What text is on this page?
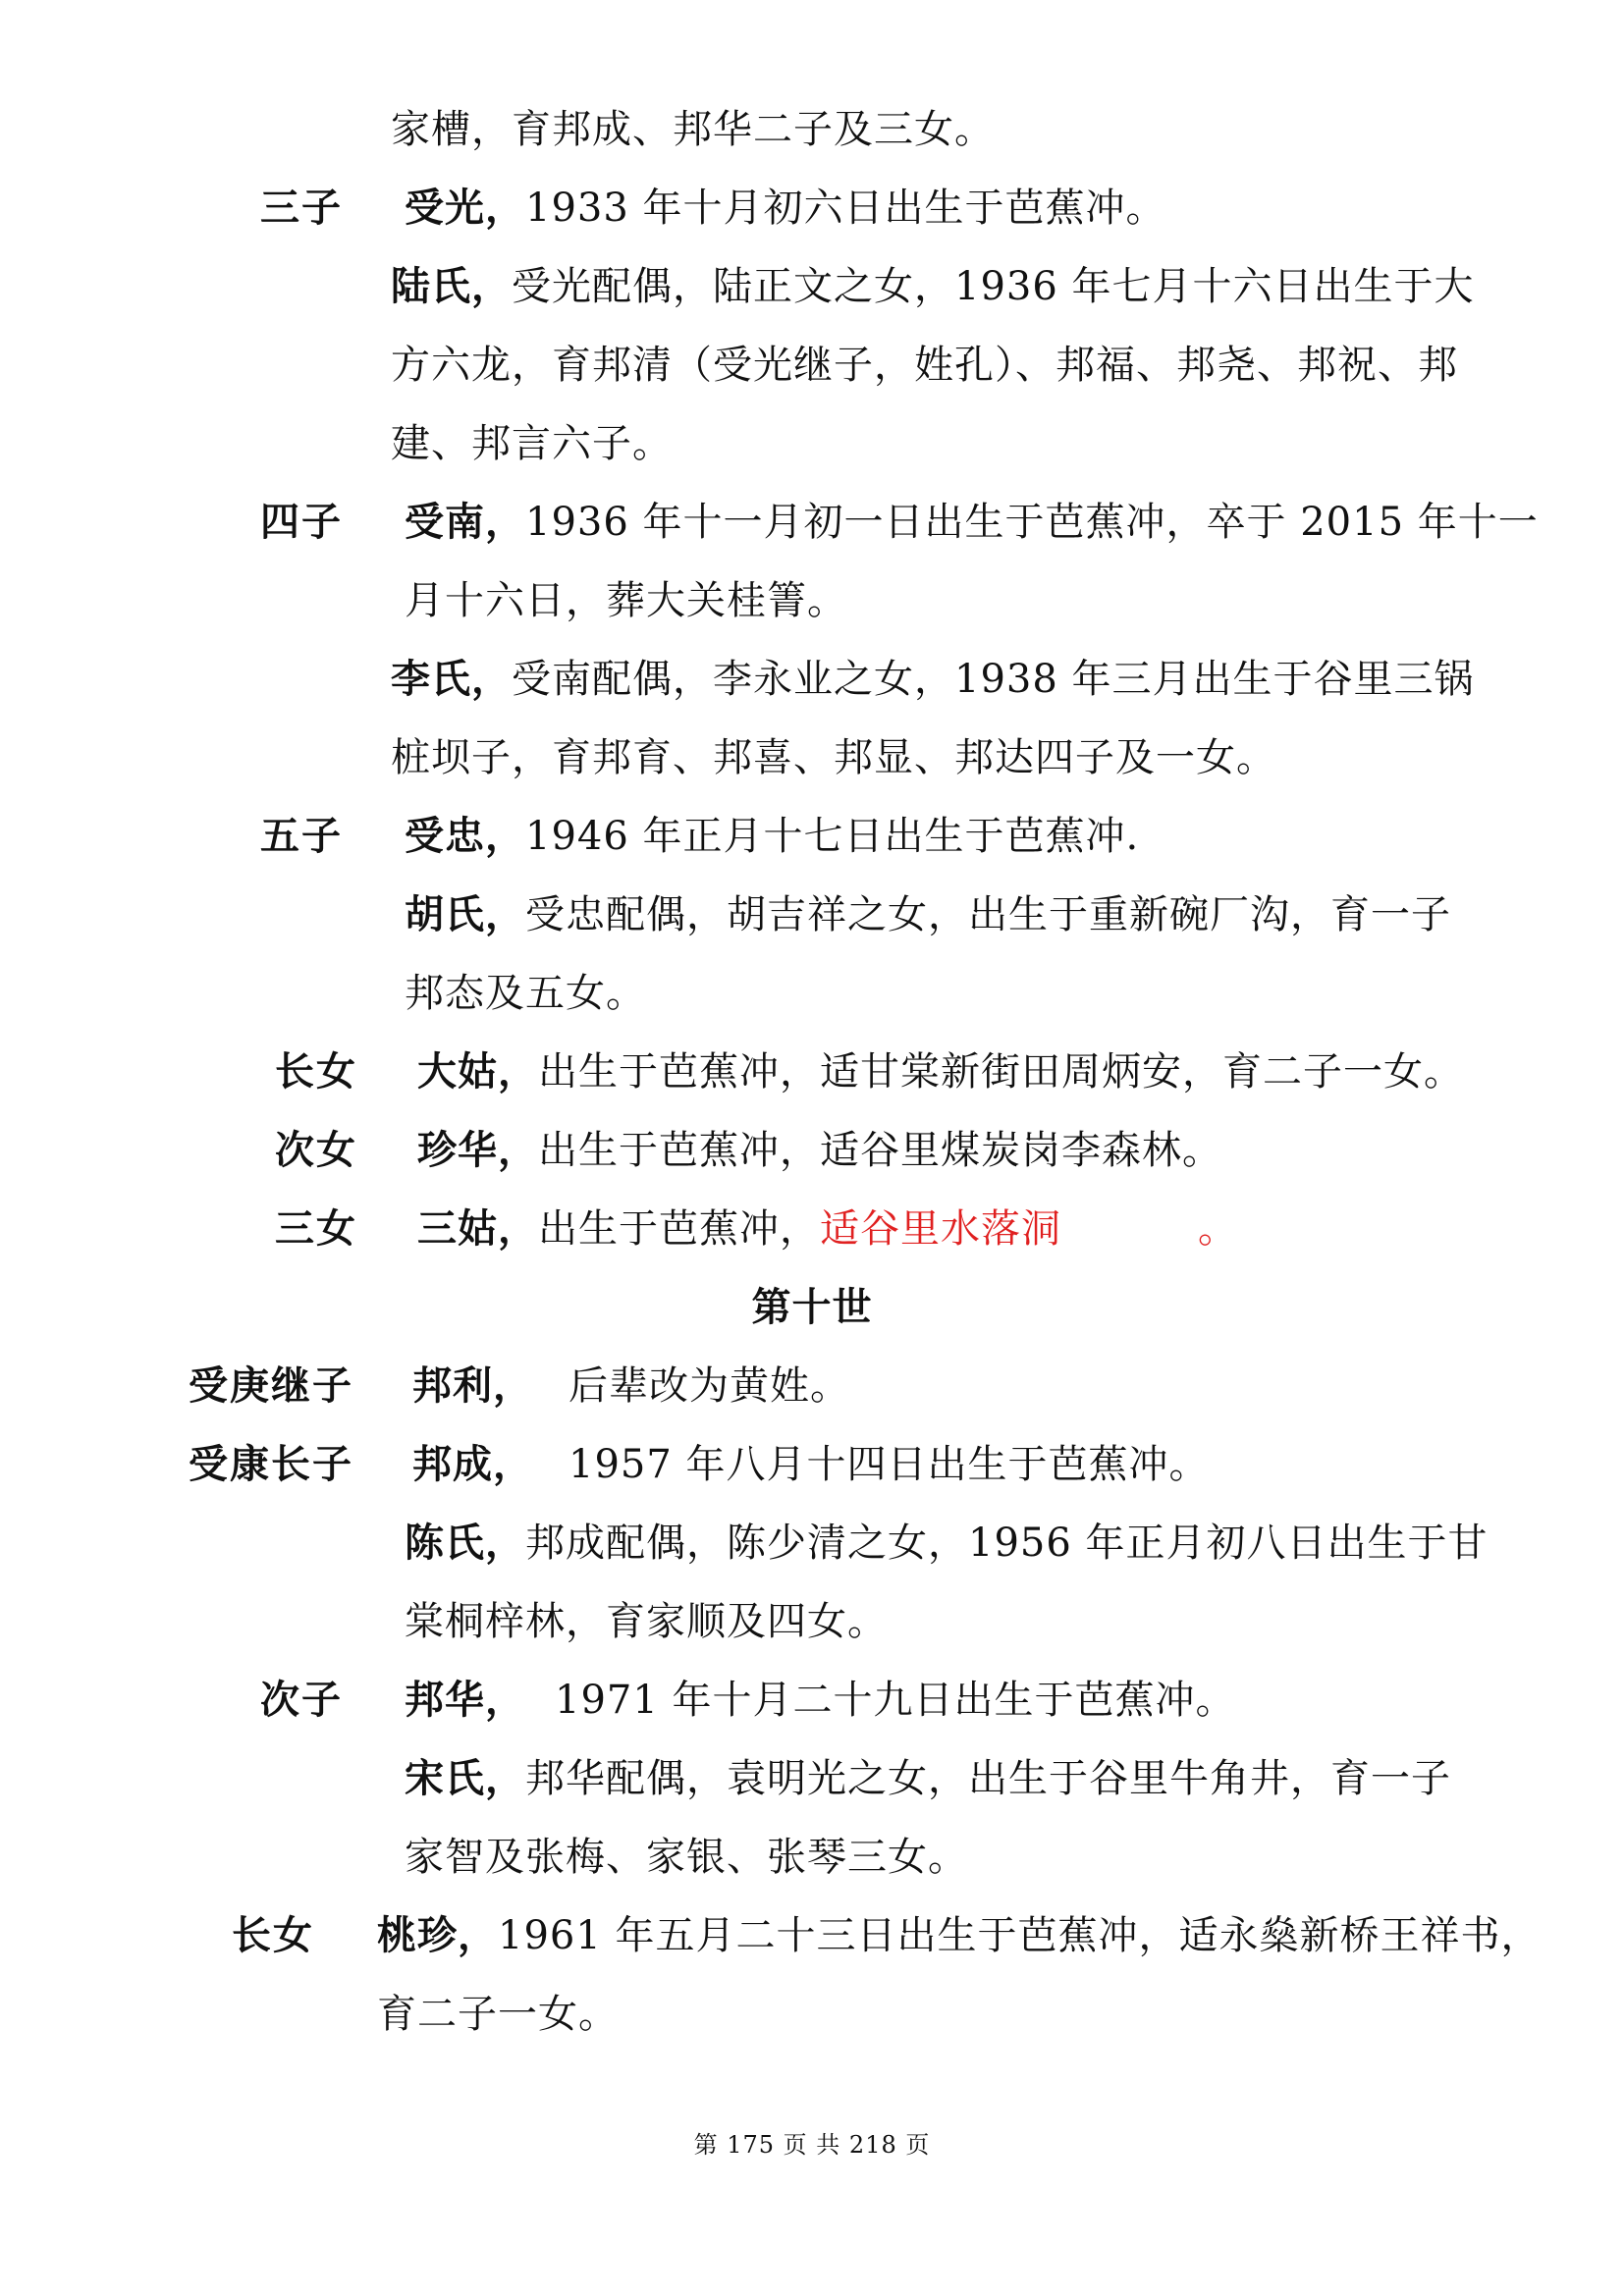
家槽，育邦成、邦华二子及三女。
三子 受光，1933 年十月初六日出生于芭蕉冲。
陆氏，受光配偶，陆正文之女，1936 年七月十六日出生于大
方六龙，育邦清（受光继子，姓孔）、邦福、邦尧、邦祝、邦
建、邦言六子。
四子 受南，1936 年十一月初一日出生于芭蕉冲，卒于 2015 年十一
月十六日，葬大关桂箐。
李氏，受南配偶，李永业之女，1938 年三月出生于谷里三锅
桩坝子，育邦育、邦喜、邦显、邦达四子及一女。
五子 受忠，1946 年正月十七日出生于芭蕉冲.
胡氏，受忠配偶，胡吉祥之女，出生于重新碗厂沟，育一子
邦态及五女。
长女 大姑，出生于芭蕉冲，适甘棠新街田周炳安，育二子一女。
次女 珍华，出生于芭蕉冲，适谷里煤炭岗李森林。
三女 三姑，出生于芭蕉冲，适谷里水落洞	。
第十世
受庚继子 邦利， 后辈改为黄姓。
受康长子 邦成， 1957 年八月十四日出生于芭蕉冲。
陈氏，邦成配偶，陈少清之女，1956 年正月初八日出生于甘
棠桐梓林，育家顺及四女。
次子 邦华， 1971 年十月二十九日出生于芭蕉冲。
宋氏，邦华配偶，袁明光之女，出生于谷里牛角井，育一子
家智及张梅、家银、张琴三女。
长女 桃珍，1961 年五月二十三日出生于芭蕉冲，适永燊新桥王祥书，
育二子一女。
第 175 页 共 218 页
